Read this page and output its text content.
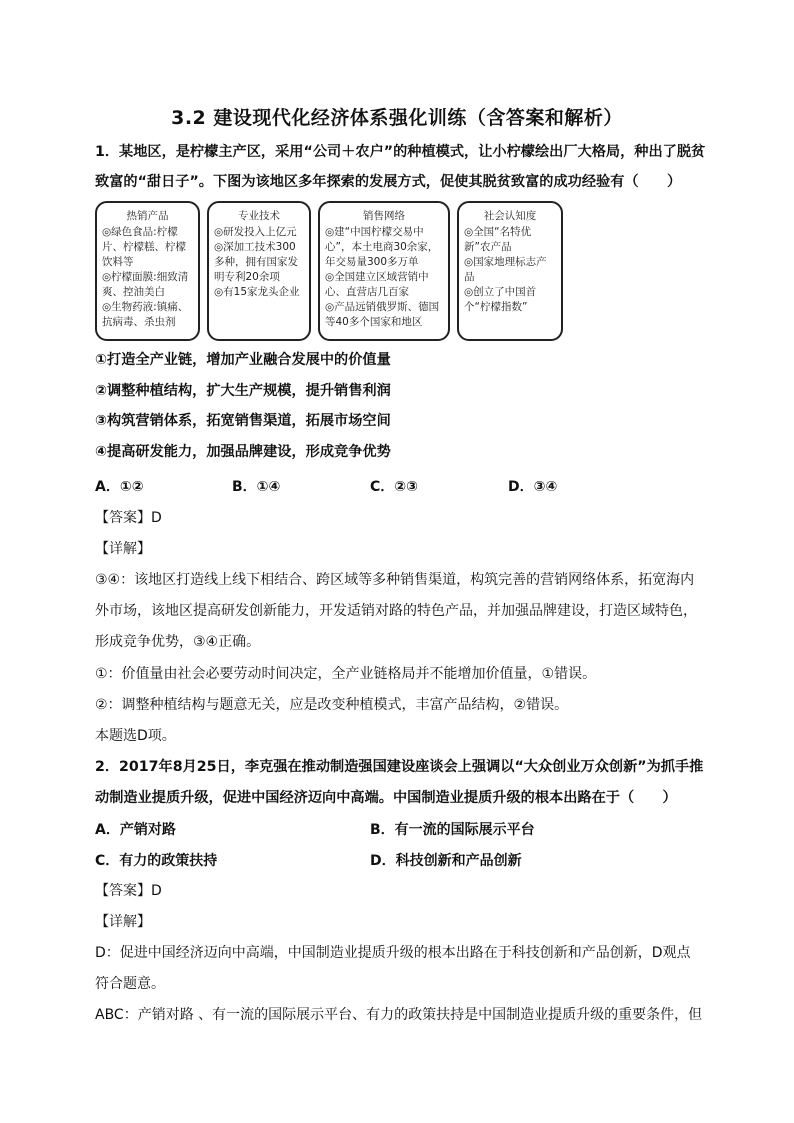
3.2 建设现代化经济体系强化训练（含答案和解析）
1．某地区，是柠檬主产区，采用“公司＋农户”的种植模式，让小柠檬绘出厂大格局，种出了脱贫
致富的“甜日子”。下图为该地区多年探索的发展方式，促使其脱贫致富的成功经验有（　　）
热销产品
◎绿色食品:柠檬片、柠檬糕、柠檬饮料等
◎柠檬面膜:细致清爽、控油美白
◎生物药液:镇痛、抗病毒、杀虫剂
专业技术
◎研发投入上亿元
◎深加工技术300多种，拥有国家发明专利20余项
◎有15家龙头企业
销售网络
◎建“中国柠檬交易中心”，本土电商30余家，年交易量300多万单
◎全国建立区域营销中心、直营店几百家
◎产品远销俄罗斯、德国等40多个国家和地区
社会认知度
◎全国“名特优新”农产品
◎国家地理标志产品
◎创立了中国首个“柠檬指数”
①打造全产业链，增加产业融合发展中的价值量
②调整种植结构，扩大生产规模，提升销售利润
③构筑营销体系，拓宽销售渠道，拓展市场空间
④提高研发能力，加强品牌建设，形成竞争优势
A．①②	B．①④	C．②③	D．③④
【答案】D
【详解】
③④：该地区打造线上线下相结合、跨区域等多种销售渠道，构筑完善的营销网络体系，拓宽海内
外市场，该地区提高研发创新能力，开发适销对路的特色产品，并加强品牌建设，打造区域特色，
形成竞争优势，③④正确。
①：价值量由社会必要劳动时间决定，全产业链格局并不能增加价值量，①错误。
②：调整种植结构与题意无关，应是改变种植模式，丰富产品结构，②错误。
本题选D项。
2．2017年8月25日，李克强在推动制造强国建设座谈会上强调以“大众创业万众创新”为抓手推
动制造业提质升级，促进中国经济迈向中高端。中国制造业提质升级的根本出路在于（　　）
A．产销对路	B．有一流的国际展示平台
C．有力的政策扶持	D．科技创新和产品创新
【答案】D
【详解】
D：促进中国经济迈向中高端，中国制造业提质升级的根本出路在于科技创新和产品创新，D观点
符合题意。
ABC：产销对路 、有一流的国际展示平台、有力的政策扶持是中国制造业提质升级的重要条件，但
